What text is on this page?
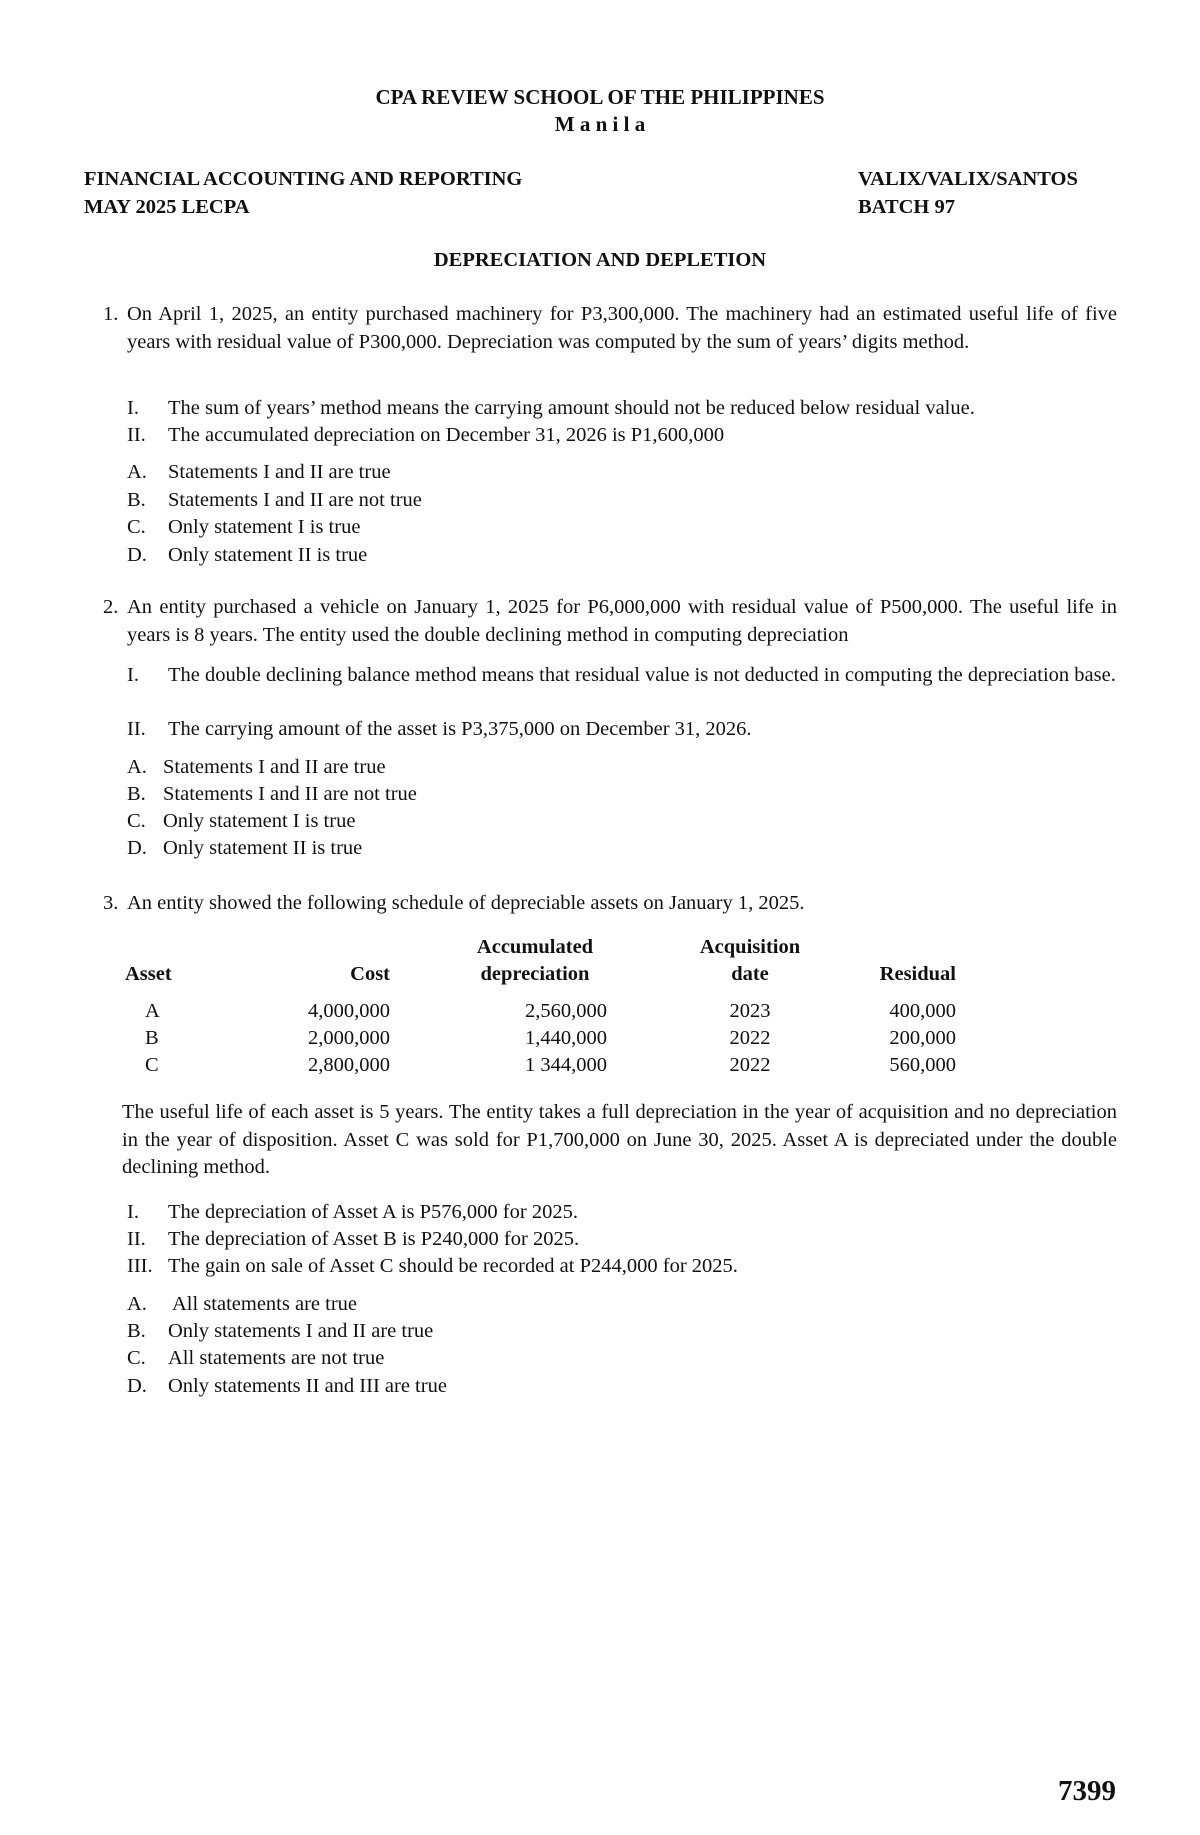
CPA REVIEW SCHOOL OF THE PHILIPPINES
M a n i l a
FINANCIAL ACCOUNTING AND REPORTING	VALIX/VALIX/SANTOS
MAY 2025 LECPA	BATCH 97
DEPRECIATION AND DEPLETION
1. On April 1, 2025, an entity purchased machinery for P3,300,000. The machinery had an estimated useful life of five years with residual value of P300,000. Depreciation was computed by the sum of years’ digits method.
I. The sum of years’ method means the carrying amount should not be reduced below residual value.
II. The accumulated depreciation on December 31, 2026 is P1,600,000
A. Statements I and II are true
B. Statements I and II are not true
C. Only statement I is true
D. Only statement II is true
2. An entity purchased a vehicle on January 1, 2025 for P6,000,000 with residual value of P500,000. The useful life in years is 8 years. The entity used the double declining method in computing depreciation
I. The double declining balance method means that residual value is not deducted in computing the depreciation base.
II. The carrying amount of the asset is P3,375,000 on December 31, 2026.
A. Statements I and II are true
B. Statements I and II are not true
C. Only statement I is true
D. Only statement II is true
3. An entity showed the following schedule of depreciable assets on January 1, 2025.
Accumulated	Acquisition
Asset	Cost	depreciation	date	Residual
A	4,000,000	2,560,000	2023	400,000
B	2,000,000	1,440,000	2022	200,000
C	2,800,000	1 344,000	2022	560,000
The useful life of each asset is 5 years. The entity takes a full depreciation in the year of acquisition and no depreciation in the year of disposition. Asset C was sold for P1,700,000 on June 30, 2025. Asset A is depreciated under the double declining method.
I. The depreciation of Asset A is P576,000 for 2025.
II. The depreciation of Asset B is P240,000 for 2025.
III. The gain on sale of Asset C should be recorded at P244,000 for 2025.
A. All statements are true
B. Only statements I and II are true
C. All statements are not true
D. Only statements II and III are true
7399
